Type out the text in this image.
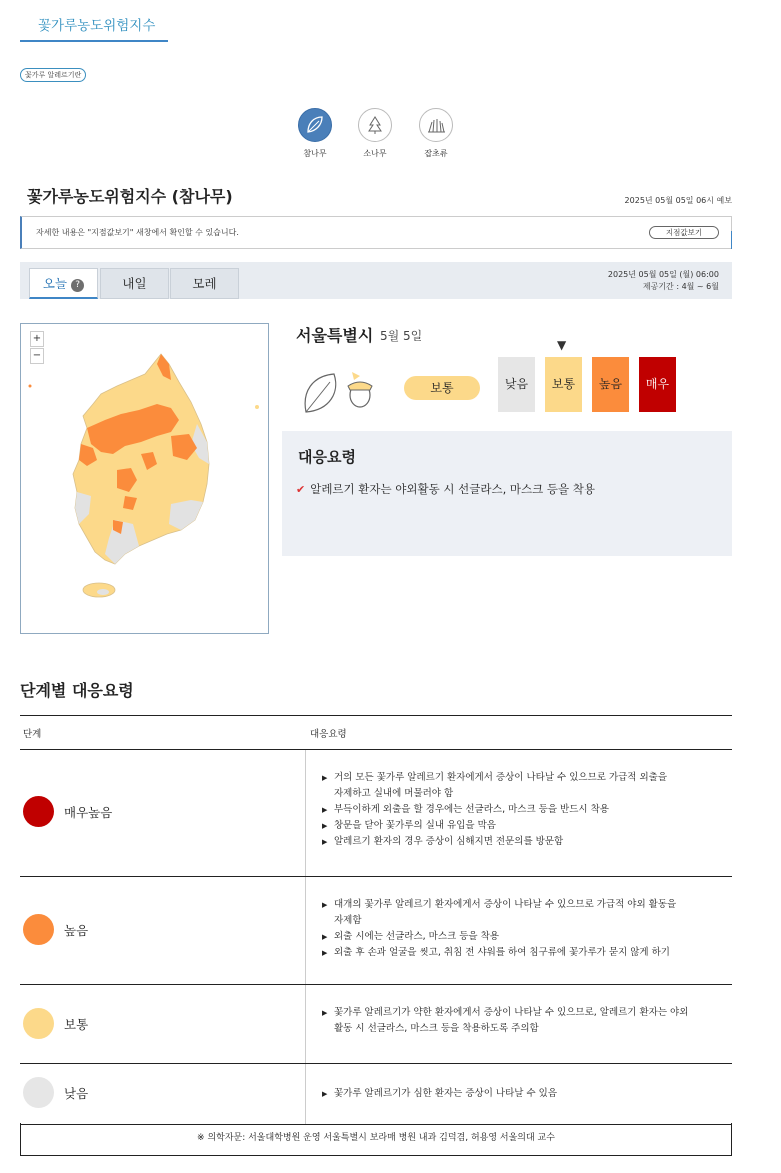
꽃가루농도위험지수
꽃가루 알레르기란
참나무	소나무	잡초류
꽃가루농도위험지수 (참나무)	2025년 05월 05일 06시 예보
자세한 내용은 "지점값보기" 새창에서 확인할 수 있습니다.	지점값보기
오늘 ?	내일	모레
2025년 05월 05일 (월) 06:00
제공기간 : 4월 ~ 6월
+
−
서울특별시 5월 5일
보통
▼
낮음	보통	높음	매우
대응요령
✔ 알레르기 환자는 야외활동 시 선글라스, 마스크 등을 착용
단계별 대응요령
단계	대응요령
매우높음
▶ 거의 모든 꽃가루 알레르기 환자에게서 증상이 나타날 수 있으므로 가급적 외출을
자제하고 실내에 머물러야 함
▶ 부득이하게 외출을 할 경우에는 선글라스, 마스크 등을 반드시 착용
▶ 창문을 닫아 꽃가루의 실내 유입을 막음
▶ 알레르기 환자의 경우 증상이 심해지면 전문의를 방문함
높음
▶ 대개의 꽃가루 알레르기 환자에게서 증상이 나타날 수 있으므로 가급적 야외 활동을
자제함
▶ 외출 시에는 선글라스, 마스크 등을 착용
▶ 외출 후 손과 얼굴을 씻고, 취침 전 샤워를 하여 침구류에 꽃가루가 묻지 않게 하기
보통
▶ 꽃가루 알레르기가 약한 환자에게서 증상이 나타날 수 있으므로, 알레르기 환자는 야외
활동 시 선글라스, 마스크 등을 착용하도록 주의함
낮음
▶	꽃가루 알레르기가 심한 환자는 증상이 나타날 수 있음
※ 의학자문: 서울대학병원 운영 서울특별시 보라매 병원 내과 김덕겸, 허용영 서울의대 교수
